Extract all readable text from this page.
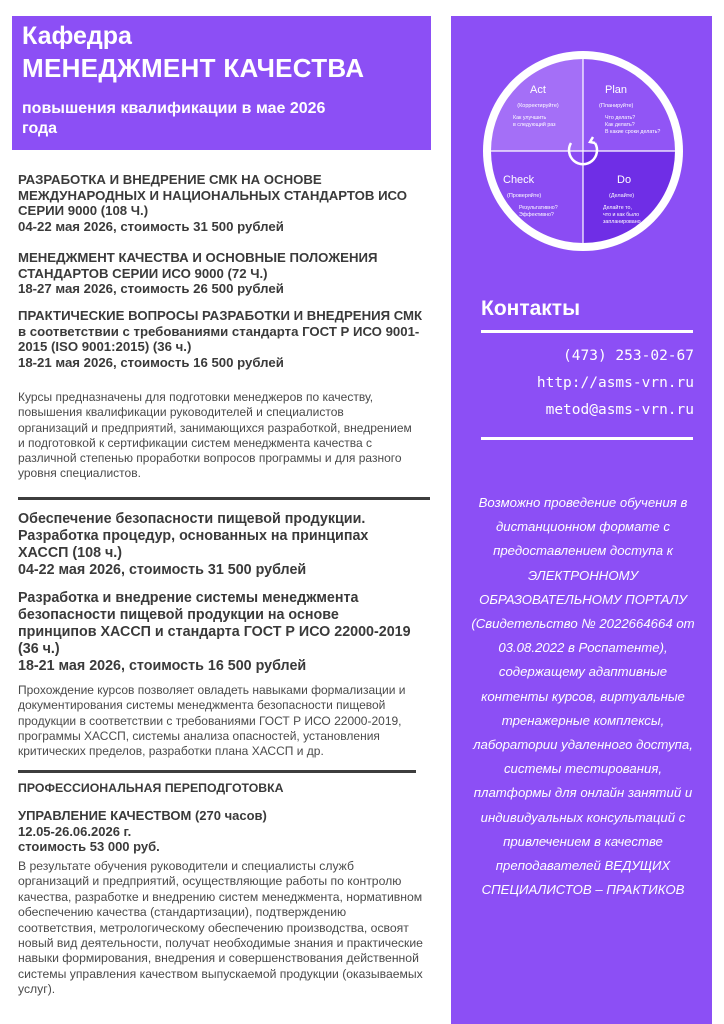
Кафедра
МЕНЕДЖМЕНТ КАЧЕСТВА
повышения квалификации в мае 2026 года
РАЗРАБОТКА И ВНЕДРЕНИЕ СМК НА ОСНОВЕ МЕЖДУНАРОДНЫХ И НАЦИОНАЛЬНЫХ СТАНДАРТОВ ИСО СЕРИИ 9000 (108 Ч.)
04-22 мая 2026, стоимость 31 500 рублей
МЕНЕДЖМЕНТ КАЧЕСТВА И ОСНОВНЫЕ ПОЛОЖЕНИЯ СТАНДАРТОВ СЕРИИ ИСО 9000 (72 Ч.)
18-27 мая 2026, стоимость 26 500 рублей
ПРАКТИЧЕСКИЕ ВОПРОСЫ РАЗРАБОТКИ И ВНЕДРЕНИЯ СМК в соответствии с требованиями стандарта ГОСТ Р ИСО 9001-2015 (ISO 9001:2015) (36 ч.)
18-21 мая 2026, стоимость 16 500 рублей
Курсы предназначены для подготовки менеджеров по качеству, повышения квалификации руководителей и специалистов организаций и предприятий, занимающихся разработкой, внедрением и подготовкой к сертификации систем менеджмента качества с различной степенью проработки вопросов программы и для разного уровня специалистов.
Обеспечение безопасности пищевой продукции. Разработка процедур, основанных на принципах ХАССП (108 ч.)
04-22 мая 2026, стоимость 31 500 рублей
Разработка и внедрение системы менеджмента безопасности пищевой продукции на основе принципов ХАССП и стандарта ГОСТ Р ИСО 22000-2019 (36 ч.)
18-21 мая 2026, стоимость 16 500 рублей
Прохождение курсов позволяет овладеть навыками формализации и документирования системы менеджмента безопасности пищевой продукции в соответствии с требованиями ГОСТ Р ИСО 22000-2019, программы ХАССП, системы анализа опасностей, установления критических пределов, разработки плана ХАССП и др.
ПРОФЕССИОНАЛЬНАЯ ПЕРЕПОДГОТОВКА
УПРАВЛЕНИЕ КАЧЕСТВОМ (270 часов)
12.05-26.06.2026 г.
стоимость 53 000 руб.
В результате обучения руководители и специалисты служб организаций и предприятий, осуществляющие работы по контролю качества, разработке и внедрению систем менеджмента, нормативном обеспечению качества (стандартизации), подтверждению соответствия, метрологическому обеспечению производства, освоят новый вид деятельности, получат необходимые знания и практические навыки формирования, внедрения и совершенствования действенной системы управления качеством выпускаемой продукции (оказываемых услуг).
Act
(Корректируйте)
Как улучшить
в следующий раз
Plan
(Планируйте)
Что делать?
Как делать?
В какие сроки делать?
Check
(Проверяйте)
Результативно?
Эффективно?
Do
(Делайте)
Делайте то,
что и как было
запланировано
Контакты
(473) 253-02-67
http://asms-vrn.ru
metod@asms-vrn.ru
Возможно проведение обучения в дистанционном формате с предоставлением доступа к ЭЛЕКТРОННОМУ ОБРАЗОВАТЕЛЬНОМУ ПОРТАЛУ (Свидетельство № 2022664664 от 03.08.2022 в Роспатенте), содержащему адаптивные контенты курсов, виртуальные тренажерные комплексы, лаборатории удаленного доступа, системы тестирования, платформы для онлайн занятий и индивидуальных консультаций с привлечением в качестве преподавателей ВЕДУЩИХ СПЕЦИАЛИСТОВ – ПРАКТИКОВ
